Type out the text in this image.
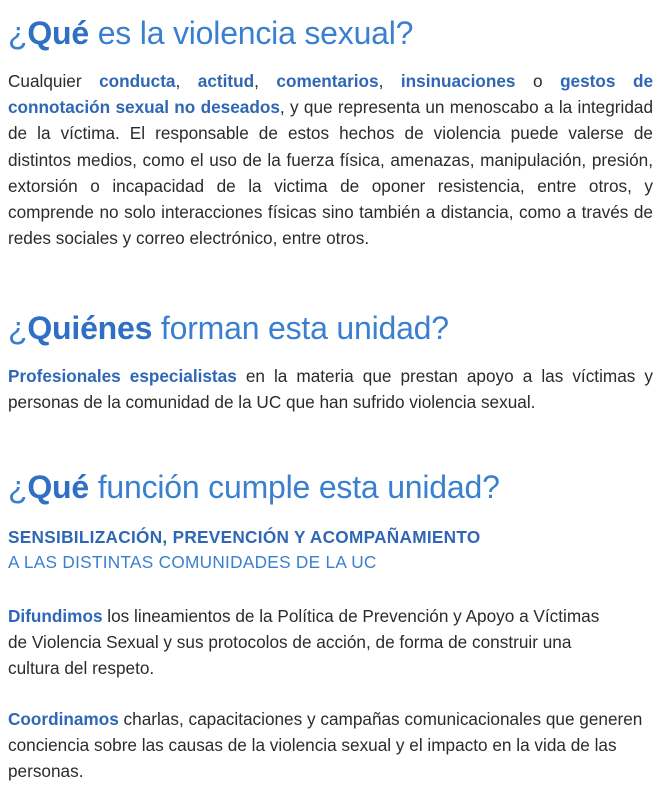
¿Qué es la violencia sexual?

Cualquier conducta, actitud, comentarios, insinuaciones o gestos de connotación sexual no deseados, y que representa un menoscabo a la integridad de la víctima. El responsable de estos hechos de violencia puede valerse de distintos medios, como el uso de la fuerza física, amenazas, manipulación, presión, extorsión o incapacidad de la victima de oponer resistencia, entre otros, y comprende no solo interacciones físicas sino también a distancia, como a través de redes sociales y correo electrónico, entre otros.

¿Quiénes forman esta unidad?

Profesionales especialistas en la materia que prestan apoyo a las víctimas y personas de la comunidad de la UC que han sufrido violencia sexual.

¿Qué función cumple esta unidad?

SENSIBILIZACIÓN, PREVENCIÓN Y ACOMPAÑAMIENTO

A LAS DISTINTAS COMUNIDADES DE LA UC

Difundimos los lineamientos de la Política de Prevención y Apoyo a Víctimas de Violencia Sexual y sus protocolos de acción, de forma de construir una cultura del respeto.

Coordinamos charlas, capacitaciones y campañas comunicacionales que generen conciencia sobre las causas de la violencia sexual y el impacto en la vida de las personas.
